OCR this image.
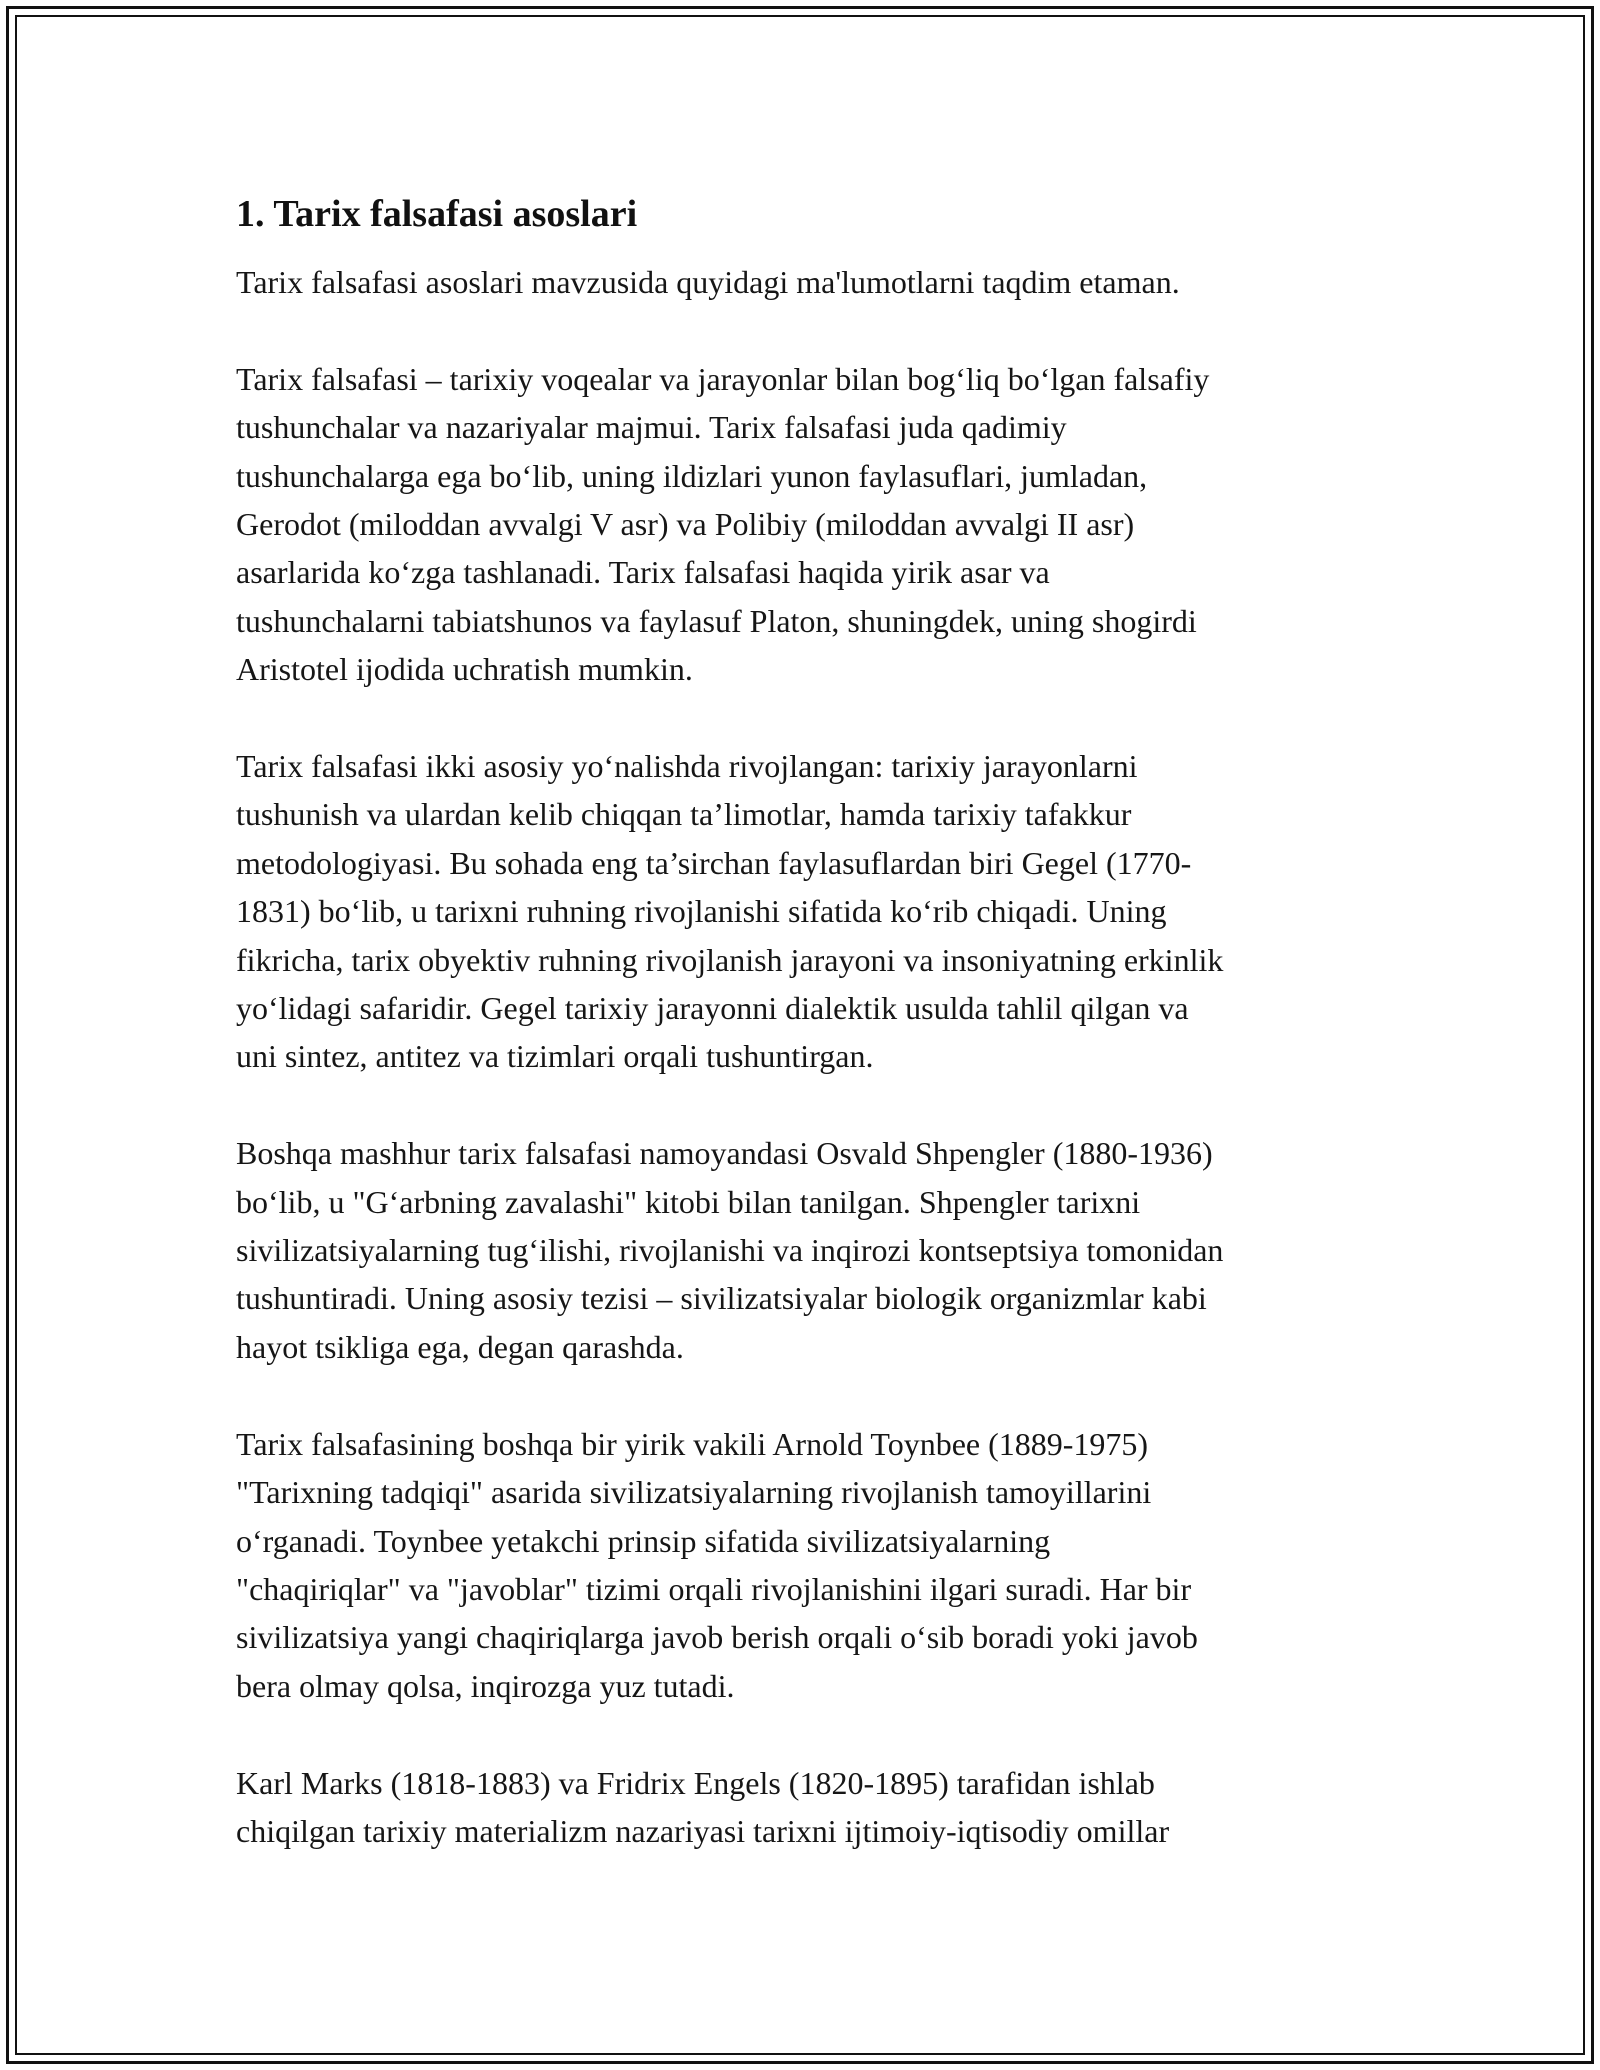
1. Tarix falsafasi asoslari

Tarix falsafasi asoslari mavzusida quyidagi ma'lumotlarni taqdim etaman.

Tarix falsafasi – tarixiy voqealar va jarayonlar bilan bog‘liq bo‘lgan falsafiy
tushunchalar va nazariyalar majmui. Tarix falsafasi juda qadimiy
tushunchalarga ega bo‘lib, uning ildizlari yunon faylasuflari, jumladan,
Gerodot (miloddan avvalgi V asr) va Polibiy (miloddan avvalgi II asr)
asarlarida ko‘zga tashlanadi. Tarix falsafasi haqida yirik asar va
tushunchalarni tabiatshunos va faylasuf Platon, shuningdek, uning shogirdi
Aristotel ijodida uchratish mumkin.

Tarix falsafasi ikki asosiy yo‘nalishda rivojlangan: tarixiy jarayonlarni
tushunish va ulardan kelib chiqqan ta’limotlar, hamda tarixiy tafakkur
metodologiyasi. Bu sohada eng ta’sirchan faylasuflardan biri Gegel (1770-
1831) bo‘lib, u tarixni ruhning rivojlanishi sifatida ko‘rib chiqadi. Uning
fikricha, tarix obyektiv ruhning rivojlanish jarayoni va insoniyatning erkinlik
yo‘lidagi safaridir. Gegel tarixiy jarayonni dialektik usulda tahlil qilgan va
uni sintez, antitez va tizimlari orqali tushuntirgan.

Boshqa mashhur tarix falsafasi namoyandasi Osvald Shpengler (1880-1936)
bo‘lib, u "G‘arbning zavalashi" kitobi bilan tanilgan. Shpengler tarixni
sivilizatsiyalarning tug‘ilishi, rivojlanishi va inqirozi kontseptsiya tomonidan
tushuntiradi. Uning asosiy tezisi – sivilizatsiyalar biologik organizmlar kabi
hayot tsikliga ega, degan qarashda.

Tarix falsafasining boshqa bir yirik vakili Arnold Toynbee (1889-1975)
"Tarixning tadqiqi" asarida sivilizatsiyalarning rivojlanish tamoyillarini
o‘rganadi. Toynbee yetakchi prinsip sifatida sivilizatsiyalarning
"chaqiriqlar" va "javoblar" tizimi orqali rivojlanishini ilgari suradi. Har bir
sivilizatsiya yangi chaqiriqlarga javob berish orqali o‘sib boradi yoki javob
bera olmay qolsa, inqirozga yuz tutadi.

Karl Marks (1818-1883) va Fridrix Engels (1820-1895) tarafidan ishlab
chiqilgan tarixiy materializm nazariyasi tarixni ijtimoiy-iqtisodiy omillar
